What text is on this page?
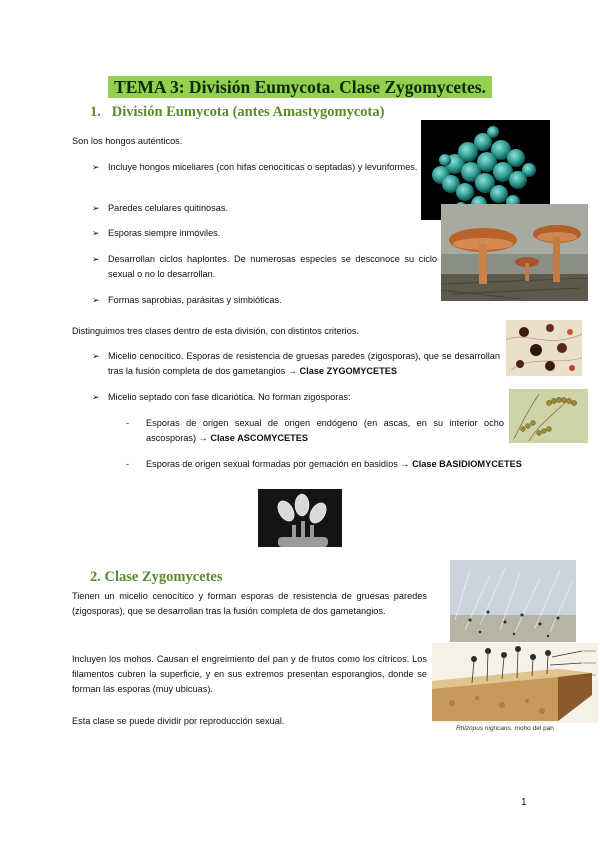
TEMA 3: División Eumycota. Clase Zygomycetes.
1. División Eumycota (antes Amastygomycota)
Son los hongos auténticos.
➢ Incluye hongos miceliares (con hifas cenocíticas o septadas) y levuriformes.
➢ Paredes celulares quitinosas.
➢ Esporas siempre inmóviles.
➢ Desarrollan ciclos haplontes. De numerosas especies se desconoce su ciclo sexual o no lo desarrollan.
➢ Formas saprobias, parásitas y simbióticas.
Distinguimos tres clases dentro de esta división, con distintos criterios.
➢ Micelio cenocítico. Esporas de resistencia de gruesas paredes (zigosporas), que se desarrollan tras la fusión completa de dos gametangios → Clase ZYGOMYCETES
➢ Micelio septado con fase dicariótica. No forman zigosporas:
-	Esporas de origen sexual de origen endógeno (en ascas, en su interior ocho ascosporas) → Clase ASCOMYCETES
-	Esporas de origen sexual formadas por gemación en basidios → Clase BASIDIOMYCETES
2. Clase Zygomycetes
Tienen un micelio cenocítico y forman esporas de resistencia de gruesas paredes (zigosporas), que se desarrollan tras la fusión completa de dos gametangios.
Incluyen los mohos. Causan el engreimiento del pan y de frutos como los cítricos. Los filamentos cubren la superficie, y en sus extremos presentan esporangios, donde se forman las esporas (muy ubicuas).
Esta clase se puede dividir por reproducción sexual.
Rhizopus nigricans. moho del pan
1
